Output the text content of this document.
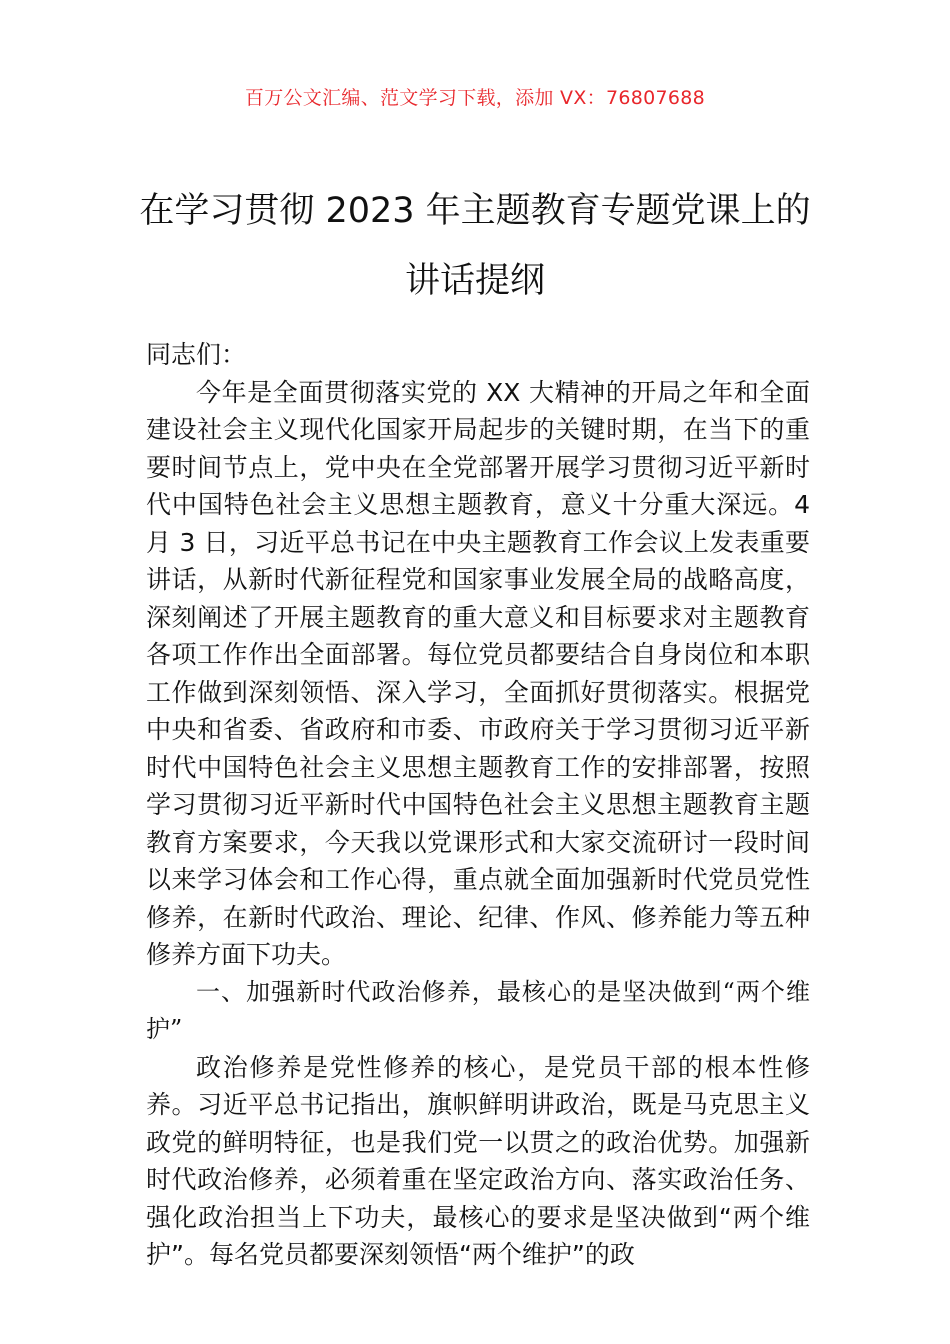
百万公文汇编、范文学习下载，添加 VX：76807688
在学习贯彻 2023 年主题教育专题党课上的
讲话提纲

同志们：

今年是全面贯彻落实党的 XX 大精神的开局之年和全面建设社会主义现代化国家开局起步的关键时期，在当下的重要时间节点上，党中央在全党部署开展学习贯彻习近平新时代中国特色社会主义思想主题教育，意义十分重大深远。4 月 3 日，习近平总书记在中央主题教育工作会议上发表重要讲话，从新时代新征程党和国家事业发展全局的战略高度，深刻阐述了开展主题教育的重大意义和目标要求对主题教育各项工作作出全面部署。每位党员都要结合自身岗位和本职工作做到深刻领悟、深入学习，全面抓好贯彻落实。根据党中央和省委、省政府和市委、市政府关于学习贯彻习近平新时代中国特色社会主义思想主题教育工作的安排部署，按照学习贯彻习近平新时代中国特色社会主义思想主题教育主题教育方案要求，今天我以党课形式和大家交流研讨一段时间以来学习体会和工作心得，重点就全面加强新时代党员党性修养，在新时代政治、理论、纪律、作风、修养能力等五种修养方面下功夫。

一、加强新时代政治修养，最核心的是坚决做到“两个维护”

政治修养是党性修养的核心，是党员干部的根本性修养。习近平总书记指出，旗帜鲜明讲政治，既是马克思主义政党的鲜明特征，也是我们党一以贯之的政治优势。加强新时代政治修养，必须着重在坚定政治方向、落实政治任务、强化政治担当上下功夫，最核心的要求是坚决做到“两个维护”。每名党员都要深刻领悟“两个维护”的政
